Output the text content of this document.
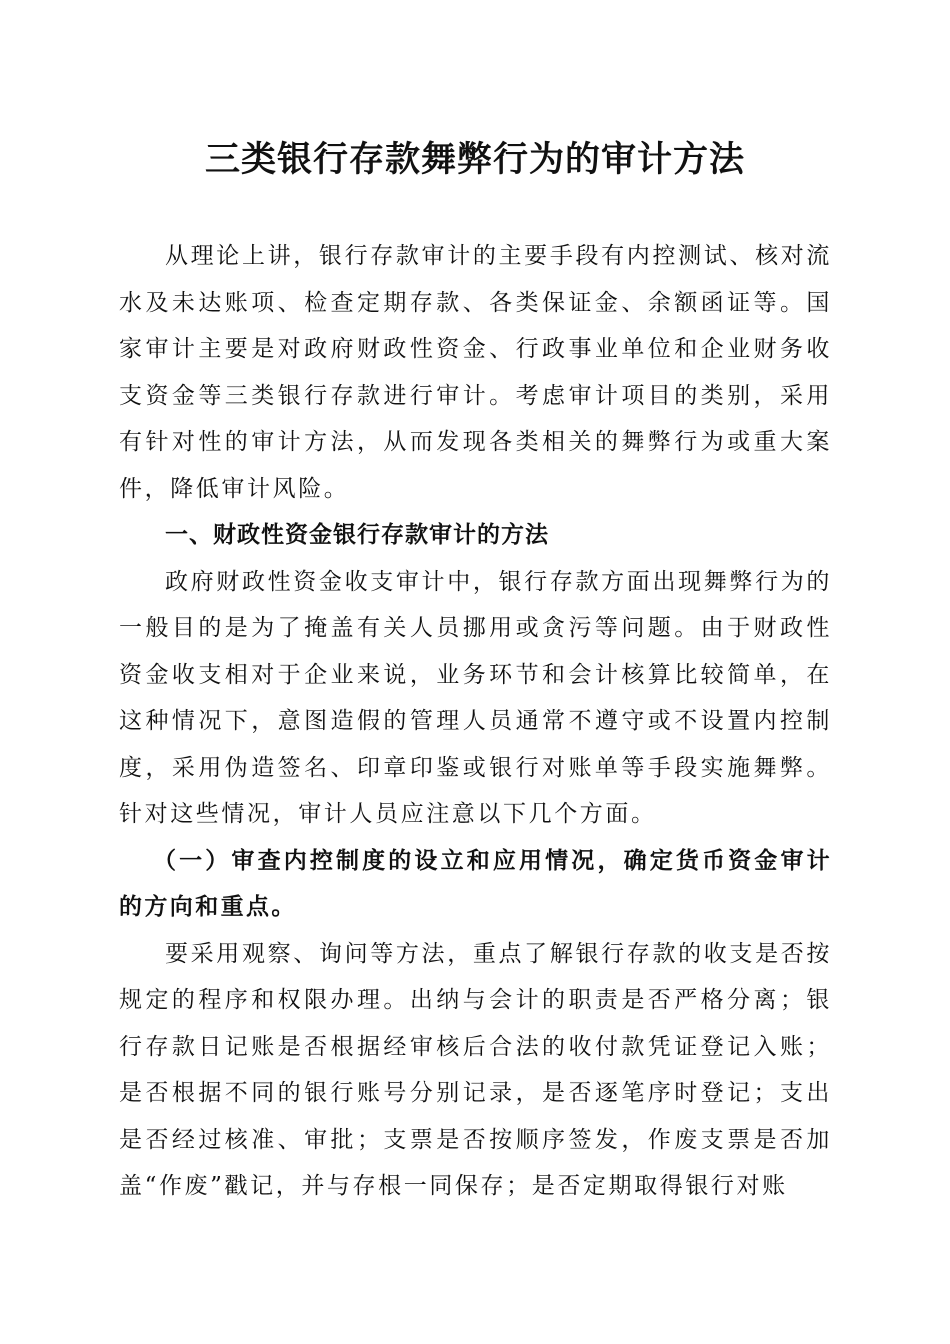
三类银行存款舞弊行为的审计方法

从理论上讲，银行存款审计的主要手段有内控测试、核对流水及未达账项、检查定期存款、各类保证金、余额函证等。国家审计主要是对政府财政性资金、行政事业单位和企业财务收支资金等三类银行存款进行审计。考虑审计项目的类别，采用有针对性的审计方法，从而发现各类相关的舞弊行为或重大案件，降低审计风险。

一、财政性资金银行存款审计的方法

政府财政性资金收支审计中，银行存款方面出现舞弊行为的一般目的是为了掩盖有关人员挪用或贪污等问题。由于财政性资金收支相对于企业来说，业务环节和会计核算比较简单，在这种情况下，意图造假的管理人员通常不遵守或不设置内控制度，采用伪造签名、印章印鉴或银行对账单等手段实施舞弊。针对这些情况，审计人员应注意以下几个方面。

（一）审查内控制度的设立和应用情况，确定货币资金审计的方向和重点。

要采用观察、询问等方法，重点了解银行存款的收支是否按规定的程序和权限办理。出纳与会计的职责是否严格分离；银行存款日记账是否根据经审核后合法的收付款凭证登记入账；是否根据不同的银行账号分别记录，是否逐笔序时登记；支出是否经过核准、审批；支票是否按顺序签发，作废支票是否加盖“作废”戳记，并与存根一同保存；是否定期取得银行对账
